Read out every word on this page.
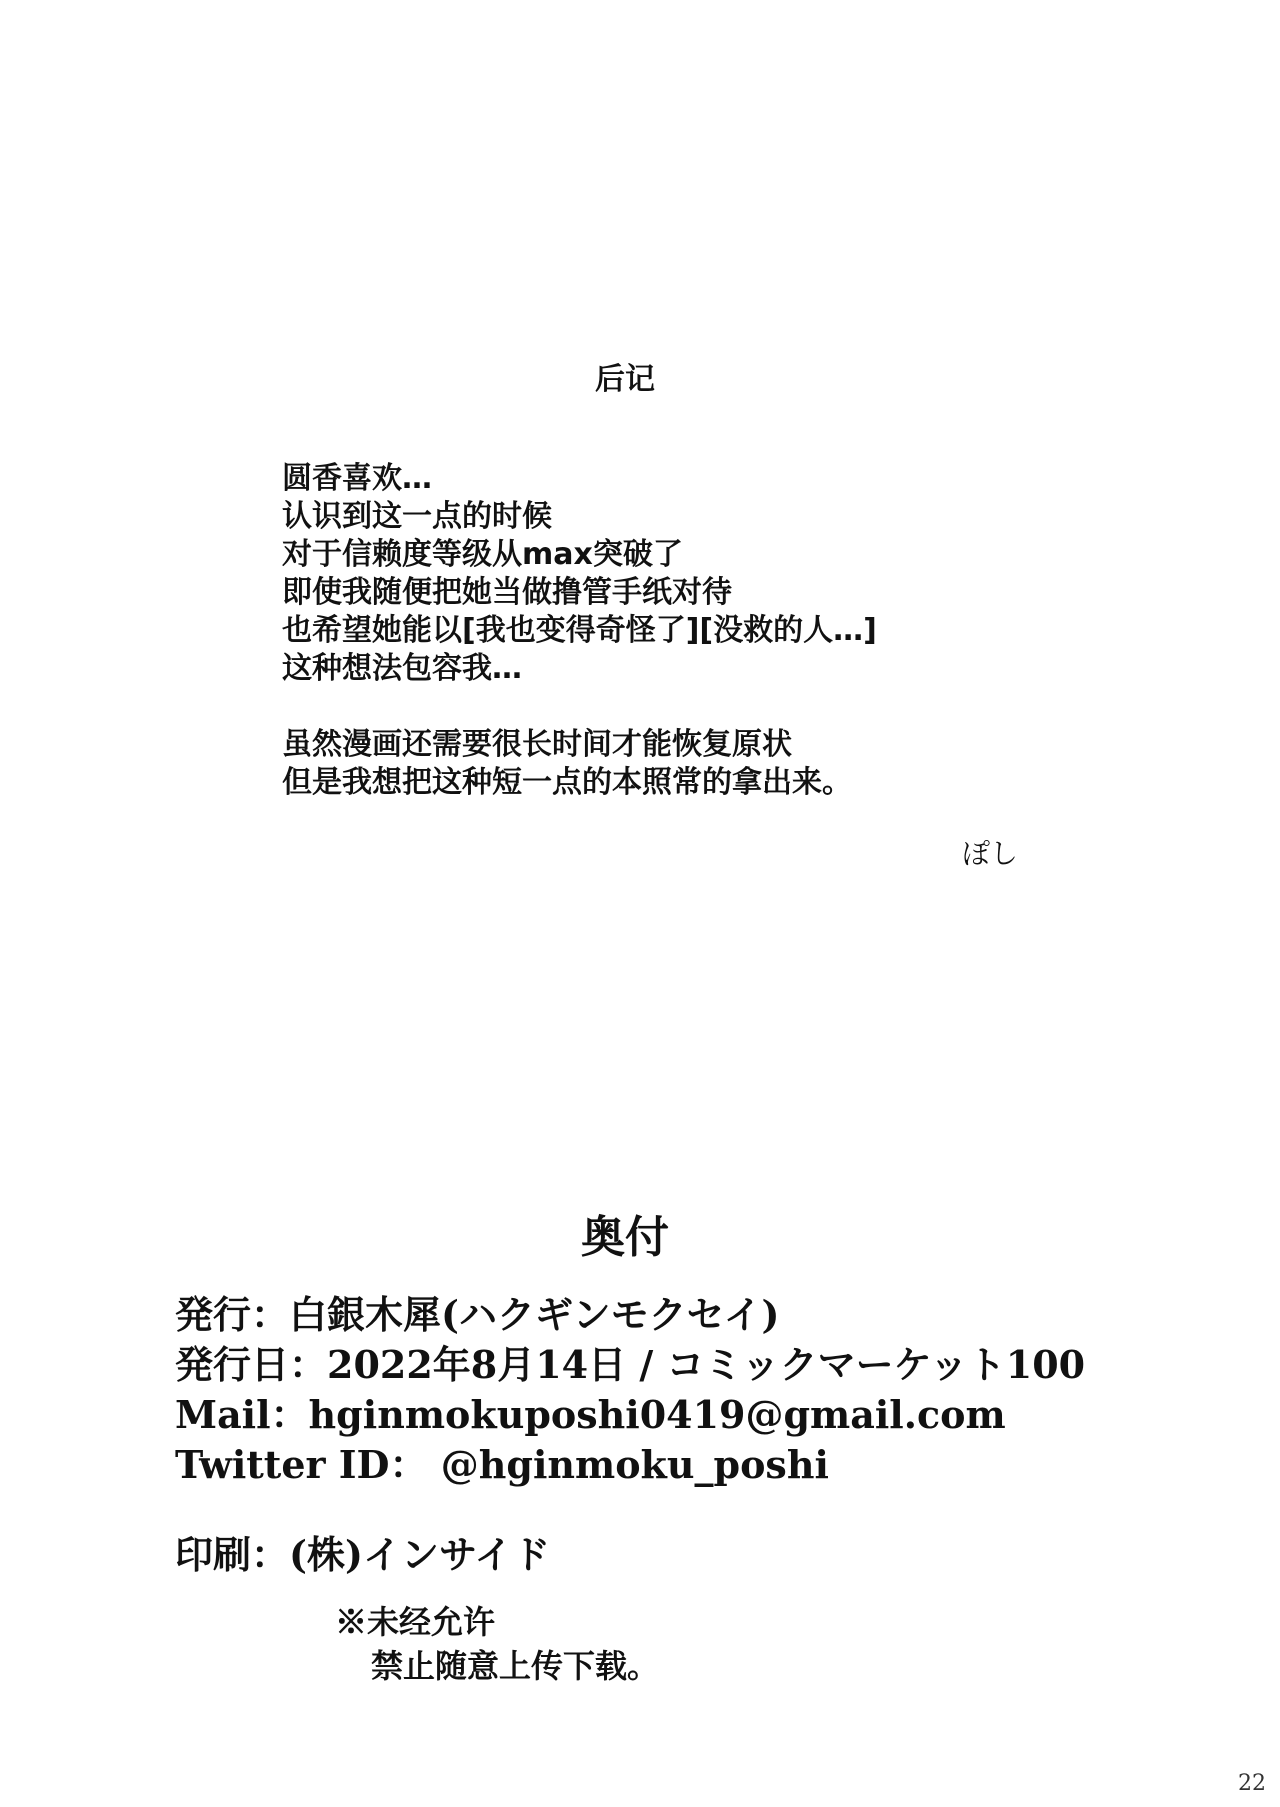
后记
圆香喜欢…
认识到这一点的时候
对于信赖度等级从max突破了
即使我随便把她当做撸管手纸对待
也希望她能以[我也变得奇怪了][没救的人…]
这种想法包容我…
虽然漫画还需要很长时间才能恢复原状
但是我想把这种短一点的本照常的拿出来。
ぽし
奥付
発行：白銀木犀(ハクギンモクセイ)
発行日：2022年8月14日 / コミックマーケット100
Mail：hginmokuposhi0419@gmail.com
Twitter ID： @hginmoku_poshi
印刷：(株)インサイド
※未经允许
禁止随意上传下载。
22
